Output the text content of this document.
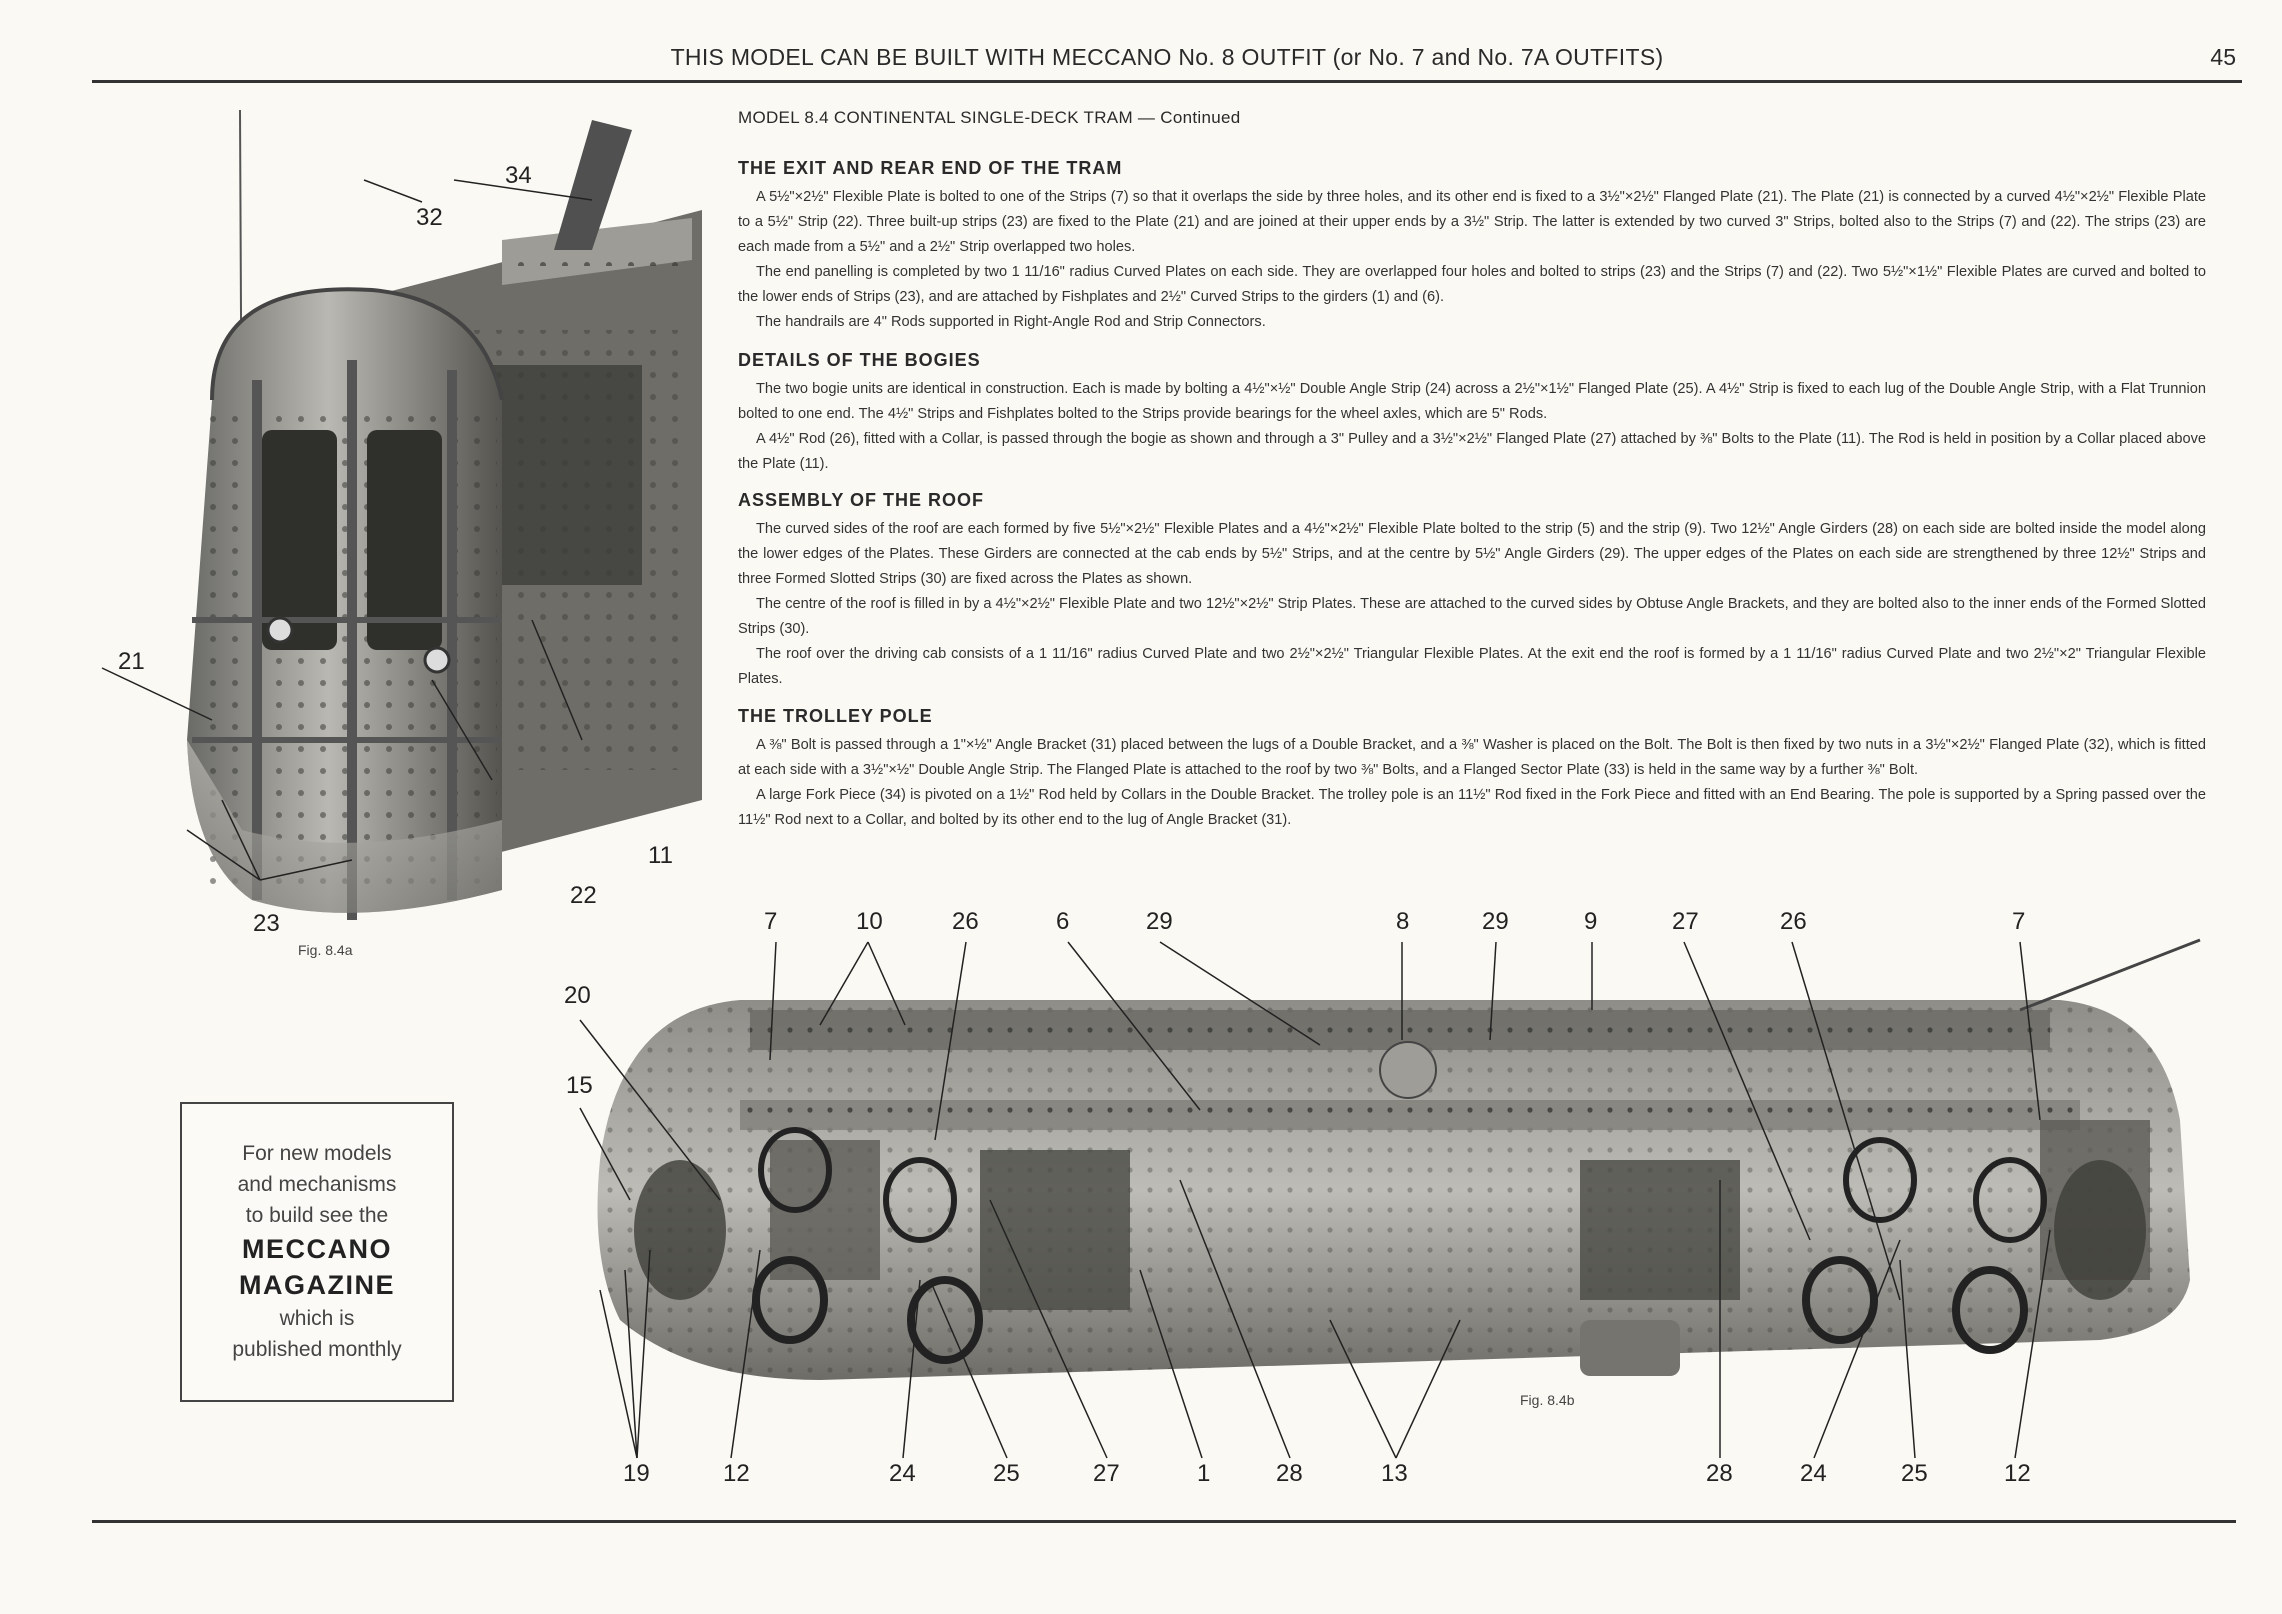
THIS MODEL CAN BE BUILT WITH MECCANO No. 8 OUTFIT (or No. 7 and No. 7A OUTFITS)	45
MODEL 8.4 CONTINENTAL SINGLE-DECK TRAM — Continued
THE EXIT AND REAR END OF THE TRAM

A 5½"×2½" Flexible Plate is bolted to one of the Strips (7) so that it overlaps the side by three holes, and its other end is fixed to a 3½"×2½" Flanged Plate (21). The Plate (21) is connected by a curved 4½"×2½" Flexible Plate to a 5½" Strip (22). Three built-up strips (23) are fixed to the Plate (21) and are joined at their upper ends by a 3½" Strip. The latter is extended by two curved 3" Strips, bolted also to the Strips (7) and (22). The strips (23) are each made from a 5½" and a 2½" Strip overlapped two holes.

The end panelling is completed by two 1 11/16" radius Curved Plates on each side. They are overlapped four holes and bolted to strips (23) and the Strips (7) and (22). Two 5½"×1½" Flexible Plates are curved and bolted to the lower ends of Strips (23), and are attached by Fishplates and 2½" Curved Strips to the girders (1) and (6).

The handrails are 4" Rods supported in Right-Angle Rod and Strip Connectors.

DETAILS OF THE BOGIES

The two bogie units are identical in construction. Each is made by bolting a 4½"×½" Double Angle Strip (24) across a 2½"×1½" Flanged Plate (25). A 4½" Strip is fixed to each lug of the Double Angle Strip, with a Flat Trunnion bolted to one end. The 4½" Strips and Fishplates bolted to the Strips provide bearings for the wheel axles, which are 5" Rods.

A 4½" Rod (26), fitted with a Collar, is passed through the bogie as shown and through a 3" Pulley and a 3½"×2½" Flanged Plate (27) attached by ⅜" Bolts to the Plate (11). The Rod is held in position by a Collar placed above the Plate (11).

ASSEMBLY OF THE ROOF

The curved sides of the roof are each formed by five 5½"×2½" Flexible Plates and a 4½"×2½" Flexible Plate bolted to the strip (5) and the strip (9). Two 12½" Angle Girders (28) on each side are bolted inside the model along the lower edges of the Plates. These Girders are connected at the cab ends by 5½" Strips, and at the centre by 5½" Angle Girders (29). The upper edges of the Plates on each side are strengthened by three 12½" Strips and three Formed Slotted Strips (30) are fixed across the Plates as shown.

The centre of the roof is filled in by a 4½"×2½" Flexible Plate and two 12½"×2½" Strip Plates. These are attached to the curved sides by Obtuse Angle Brackets, and they are bolted also to the inner ends of the Formed Slotted Strips (30).

The roof over the driving cab consists of a 1 11/16" radius Curved Plate and two 2½"×2½" Triangular Flexible Plates. At the exit end the roof is formed by a 1 11/16" radius Curved Plate and two 2½"×2" Triangular Flexible Plates.

THE TROLLEY POLE

A ⅜" Bolt is passed through a 1"×½" Angle Bracket (31) placed between the lugs of a Double Bracket, and a ⅜" Washer is placed on the Bolt. The Bolt is then fixed by two nuts in a 3½"×2½" Flanged Plate (32), which is fitted at each side with a 3½"×½" Double Angle Strip. The Flanged Plate is attached to the roof by two ⅜" Bolts, and a Flanged Sector Plate (33) is held in the same way by a further ⅜" Bolt.

A large Fork Piece (34) is pivoted on a 1½" Rod held by Collars in the Double Bracket. The trolley pole is an 11½" Rod fixed in the Fork Piece and fitted with an End Bearing. The pole is supported by a Spring passed over the 11½" Rod next to a Collar, and bolted by its other end to the lug of Angle Bracket (31).

34
32
21
23
22
11
Fig. 8.4a
Fig. 8.4b
7	10	26	6	29	8	29	9	27	26	7
20
15
19	12	24	25	27	1	28	13	28	24	25	12
For new models
and mechanisms
to build see the
MECCANO
MAGAZINE
which is
published monthly
